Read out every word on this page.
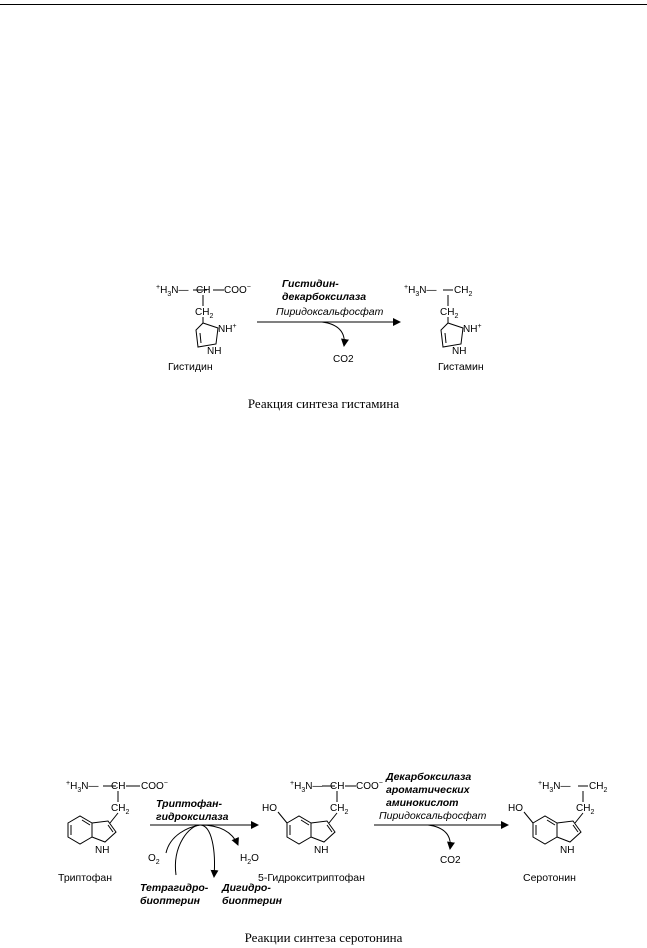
$^+H_3N—$ CH COO−
$CH_2$
NH+
NH
Гистидин
Гистидин-
декарбоксилаза
Пиридоксальфосфат
CO2
$^+H_3N—$ $CH_2$
$CH_2$
NH+
NH
Гистамин
Реакция синтеза гистамина
$^+H_3N—$ CH COO−
$CH_2$
NH
Триптофан
Триптофан-
гидроксилаза
$O_2$	$H_2O$
Тетрагидро-
биоптерин
Дигидро-
биоптерин
$^+H_3N—$ CH COO−
$CH_2$
HO
NH
5-Гидрокситриптофан
Декарбоксилаза
ароматических
аминокислот
Пиридоксальфосфат
CO2
$^+H_3N—$ $CH_2$
$CH_2$
HO
NH
Серотонин
Реакции синтеза серотонина
